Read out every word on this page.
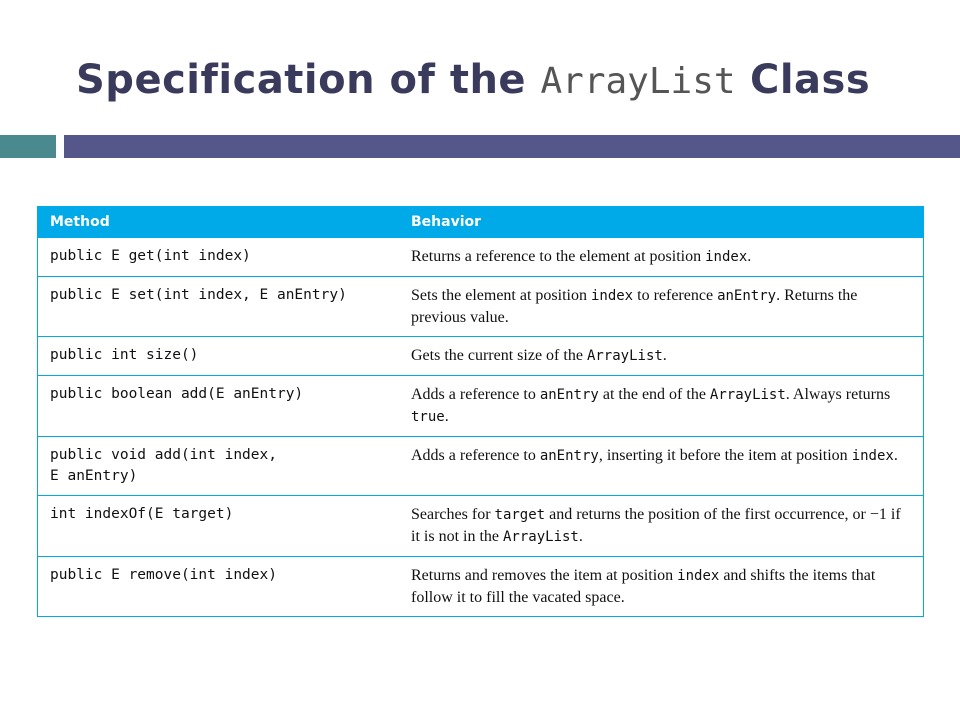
Specification of the ArrayList Class
Method	Behavior
public E get(int index)	Returns a reference to the element at position index.
public E set(int index, E anEntry)	Sets the element at position index to reference anEntry. Returns the previous value.
public int size()	Gets the current size of the ArrayList.
public boolean add(E anEntry)	Adds a reference to anEntry at the end of the ArrayList. Always returns true.
public void add(int index,
E anEntry)	Adds a reference to anEntry, inserting it before the item at position index.
int indexOf(E target)	Searches for target and returns the position of the first occurrence, or −1 if it is not in the ArrayList.
public E remove(int index)	Returns and removes the item at position index and shifts the items that follow it to fill the vacated space.
